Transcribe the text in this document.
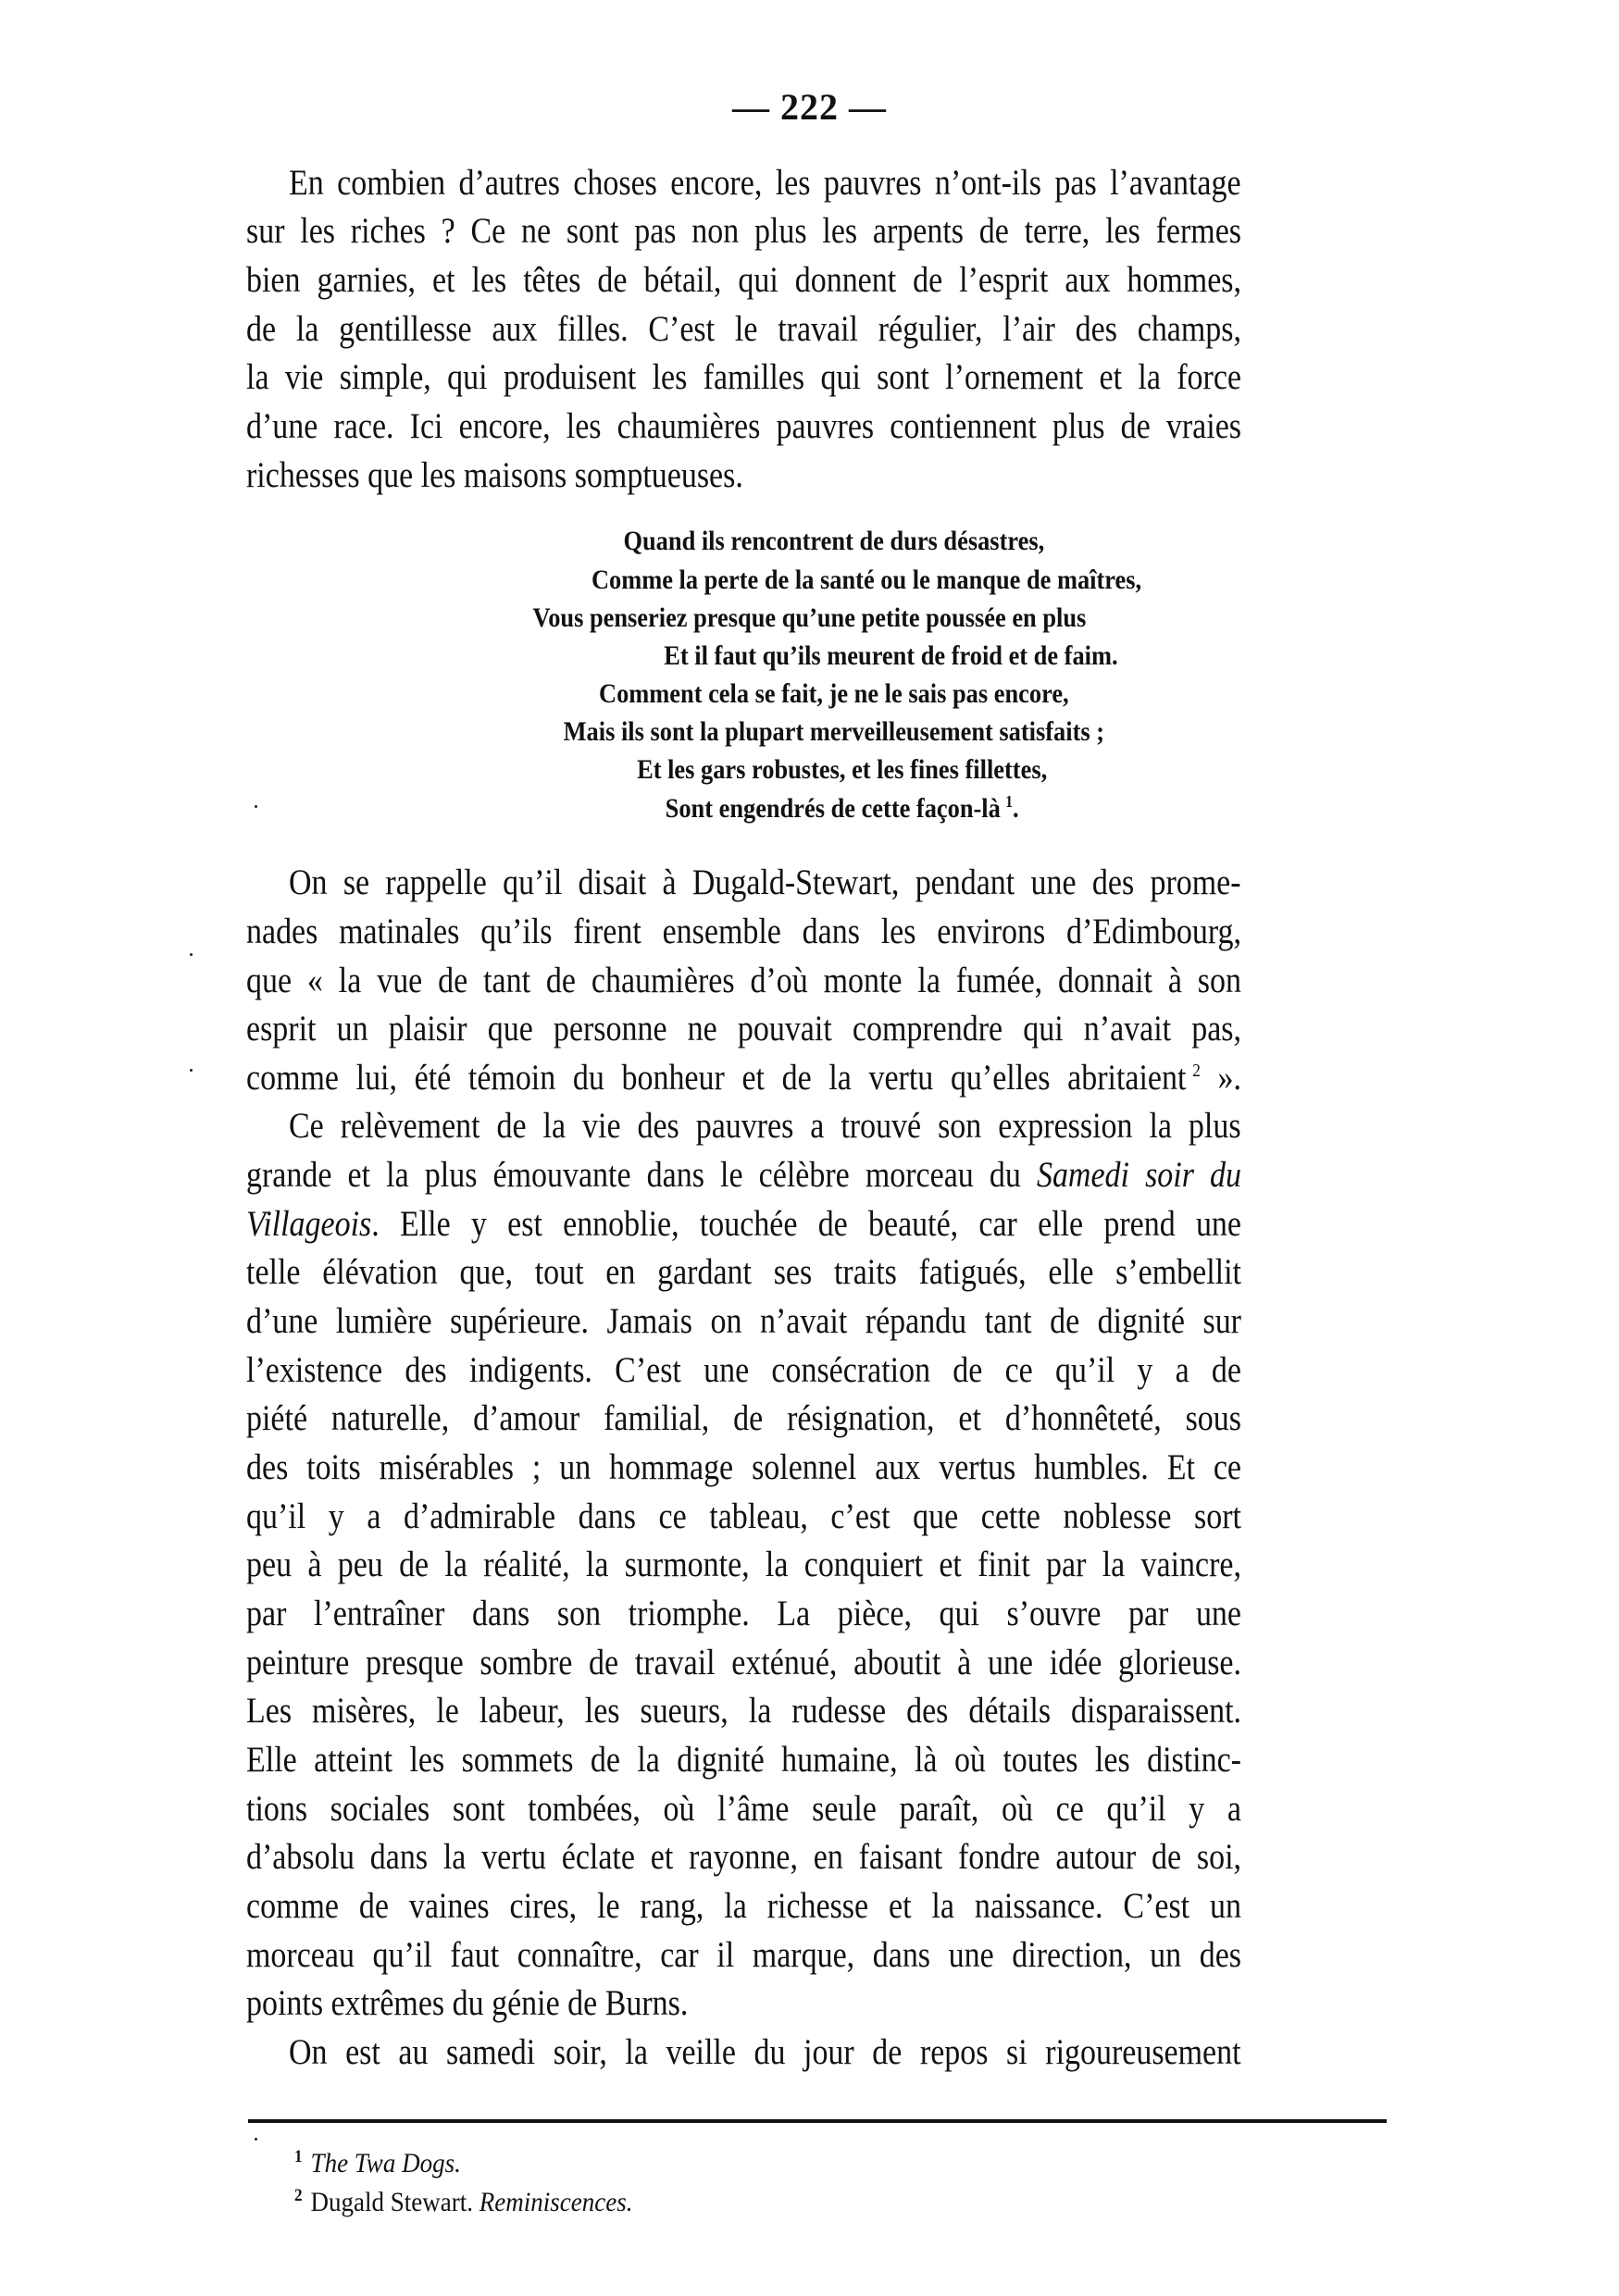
— 222 —
En combien d’autres choses encore, les pauvres n’ont-ils pas l’avantage
sur les riches ? Ce ne sont pas non plus les arpents de terre, les fermes
bien garnies, et les têtes de bétail, qui donnent de l’esprit aux hommes,
de la gentillesse aux filles. C’est le travail régulier, l’air des champs,
la vie simple, qui produisent les familles qui sont l’ornement et la force
d’une race. Ici encore, les chaumières pauvres contiennent plus de vraies
richesses que les maisons somptueuses.
Quand ils rencontrent de durs désastres,
Comme la perte de la santé ou le manque de maîtres,
Vous penseriez presque qu’une petite poussée en plus
Et il faut qu’ils meurent de froid et de faim.
Comment cela se fait, je ne le sais pas encore,
Mais ils sont la plupart merveilleusement satisfaits ;
Et les gars robustes, et les fines fillettes,
Sont engendrés de cette façon-là $^1$.
On se rappelle qu’il disait à Dugald-Stewart, pendant une des prome-
nades matinales qu’ils firent ensemble dans les environs d’Edimbourg,
que « la vue de tant de chaumières d’où monte la fumée, donnait à son
esprit un plaisir que personne ne pouvait comprendre qui n’avait pas,
comme lui, été témoin du bonheur et de la vertu qu’elles abritaient $^2$ ».
Ce relèvement de la vie des pauvres a trouvé son expression la plus
grande et la plus émouvante dans le célèbre morceau du Samedi soir du
Villageois. Elle y est ennoblie, touchée de beauté, car elle prend une
telle élévation que, tout en gardant ses traits fatigués, elle s’embellit
d’une lumière supérieure. Jamais on n’avait répandu tant de dignité sur
l’existence des indigents. C’est une consécration de ce qu’il y a de
piété naturelle, d’amour familial, de résignation, et d’honnêteté, sous
des toits misérables ; un hommage solennel aux vertus humbles. Et ce
qu’il y a d’admirable dans ce tableau, c’est que cette noblesse sort
peu à peu de la réalité, la surmonte, la conquiert et finit par la vaincre,
par l’entraîner dans son triomphe. La pièce, qui s’ouvre par une
peinture presque sombre de travail exténué, aboutit à une idée glorieuse.
Les misères, le labeur, les sueurs, la rudesse des détails disparaissent.
Elle atteint les sommets de la dignité humaine, là où toutes les distinc-
tions sociales sont tombées, où l’âme seule paraît, où ce qu’il y a
d’absolu dans la vertu éclate et rayonne, en faisant fondre autour de soi,
comme de vaines cires, le rang, la richesse et la naissance. C’est un
morceau qu’il faut connaître, car il marque, dans une direction, un des
points extrêmes du génie de Burns.
On est au samedi soir, la veille du jour de repos si rigoureusement
$^1$ The Twa Dogs.
$^2$ Dugald Stewart. Reminiscences.
